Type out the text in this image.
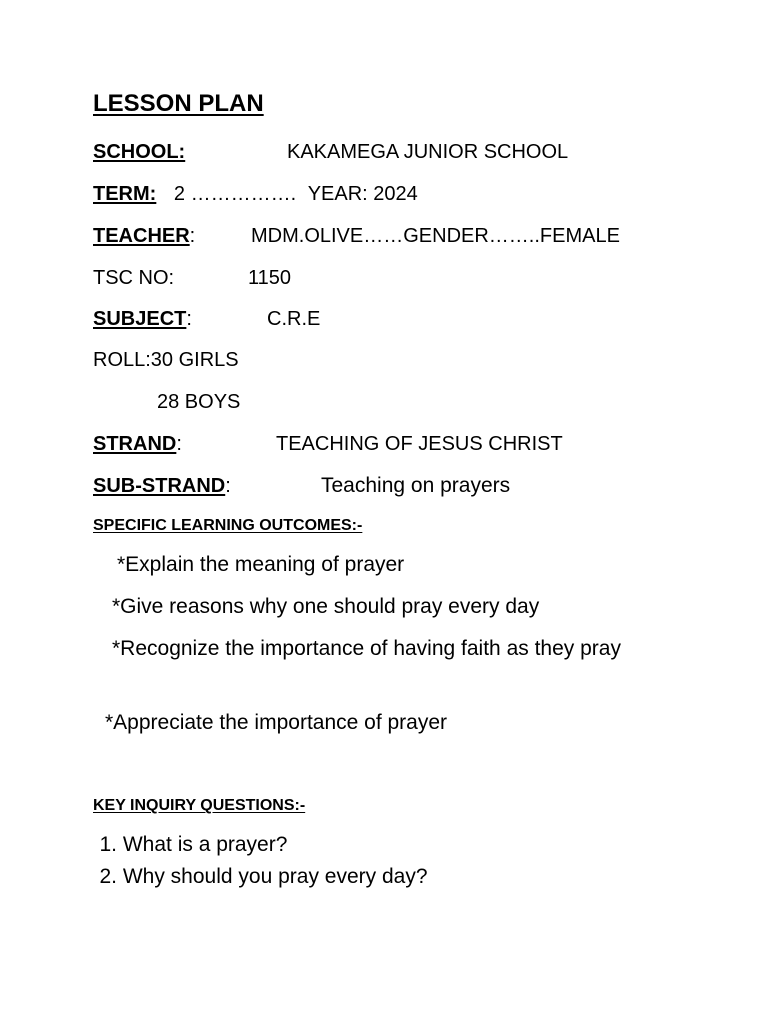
LESSON PLAN
SCHOOL:	KAKAMEGA JUNIOR SCHOOL
TERM: 2 ……………. YEAR: 2024
TEACHER:	MDM.OLIVE……GENDER……..FEMALE
TSC NO:	1150
SUBJECT:	C.R.E
ROLL:30 GIRLS
28 BOYS
STRAND:	TEACHING OF JESUS CHRIST
SUB-STRAND:	Teaching on prayers
SPECIFIC LEARNING OUTCOMES:-
*Explain the meaning of prayer
*Give reasons why one should pray every day
*Recognize the importance of having faith as they pray
*Appreciate the importance of prayer
KEY INQUIRY QUESTIONS:-
1. What is a prayer?
2. Why should you pray every day?
